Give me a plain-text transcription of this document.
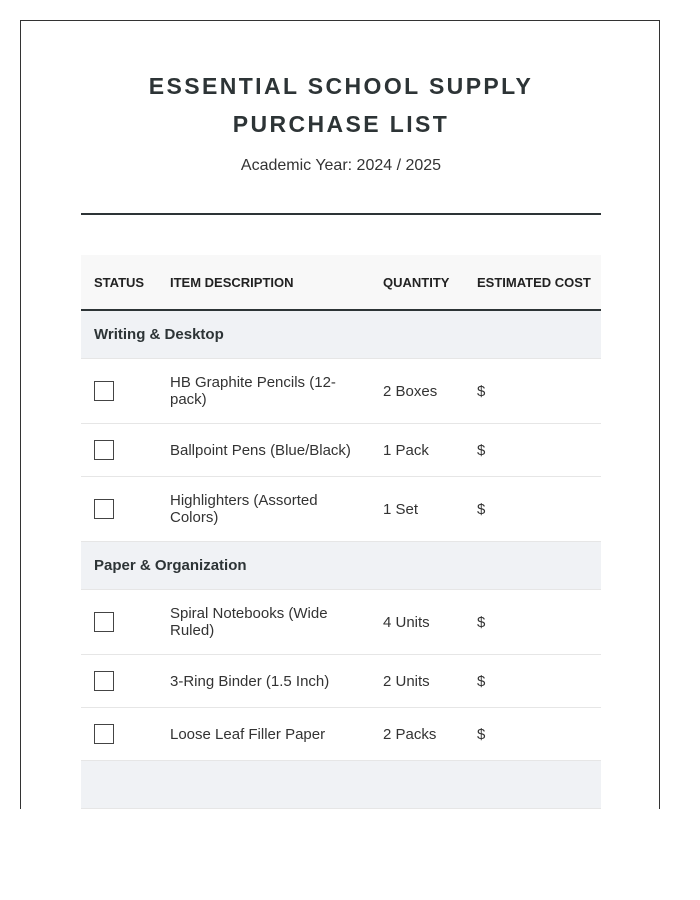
ESSENTIAL SCHOOL SUPPLY
PURCHASE LIST
Academic Year: 2024 / 2025
STATUS	ITEM DESCRIPTION	QUANTITY	ESTIMATED COST
Writing & Desktop			
	HB Graphite Pencils (12-pack)	2 Boxes	$
	Ballpoint Pens (Blue/Black)	1 Pack	$
	Highlighters (Assorted Colors)	1 Set	$
Paper & Organization			
	Spiral Notebooks (Wide Ruled)	4 Units	$
	3-Ring Binder (1.5 Inch)	2 Units	$
	Loose Leaf Filler Paper	2 Packs	$
